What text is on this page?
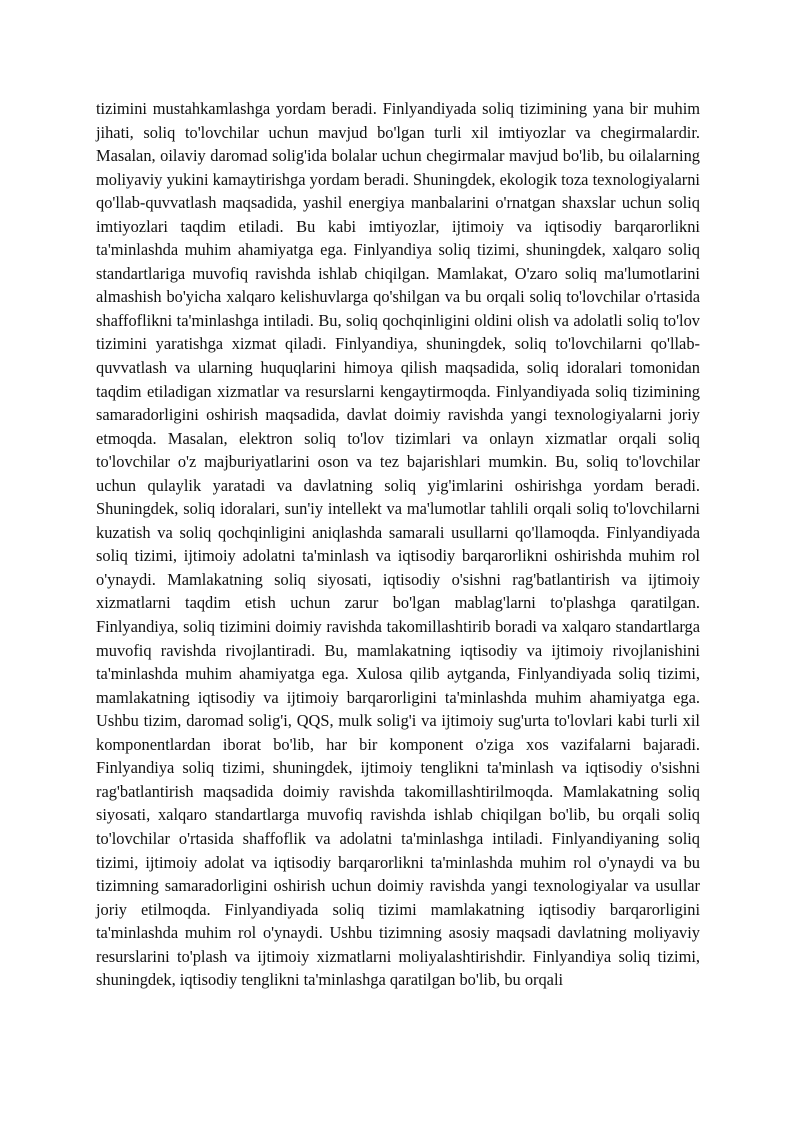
tizimini mustahkamlashga yordam beradi. Finlyandiyada soliq tizimining yana bir muhim jihati, soliq to'lovchilar uchun mavjud bo'lgan turli xil imtiyozlar va chegirmalardir. Masalan, oilaviy daromad solig'ida bolalar uchun chegirmalar mavjud bo'lib, bu oilalarning moliyaviy yukini kamaytirishga yordam beradi. Shuningdek, ekologik toza texnologiyalarni qo'llab-quvvatlash maqsadida, yashil energiya manbalarini o'rnatgan shaxslar uchun soliq imtiyozlari taqdim etiladi. Bu kabi imtiyozlar, ijtimoiy va iqtisodiy barqarorlikni ta'minlashda muhim ahamiyatga ega. Finlyandiya soliq tizimi, shuningdek, xalqaro soliq standartlariga muvofiq ravishda ishlab chiqilgan. Mamlakat, O'zaro soliq ma'lumotlarini almashish bo'yicha xalqaro kelishuvlarga qo'shilgan va bu orqali soliq to'lovchilar o'rtasida shaffoflikni ta'minlashga intiladi. Bu, soliq qochqinligini oldini olish va adolatli soliq to'lov tizimini yaratishga xizmat qiladi. Finlyandiya, shuningdek, soliq to'lovchilarni qo'llab-quvvatlash va ularning huquqlarini himoya qilish maqsadida, soliq idoralari tomonidan taqdim etiladigan xizmatlar va resurslarni kengaytirmoqda. Finlyandiyada soliq tizimining samaradorligini oshirish maqsadida, davlat doimiy ravishda yangi texnologiyalarni joriy etmoqda. Masalan, elektron soliq to'lov tizimlari va onlayn xizmatlar orqali soliq to'lovchilar o'z majburiyatlarini oson va tez bajarishlari mumkin. Bu, soliq to'lovchilar uchun qulaylik yaratadi va davlatning soliq yig'imlarini oshirishga yordam beradi. Shuningdek, soliq idoralari, sun'iy intellekt va ma'lumotlar tahlili orqali soliq to'lovchilarni kuzatish va soliq qochqinligini aniqlashda samarali usullarni qo'llamoqda. Finlyandiyada soliq tizimi, ijtimoiy adolatni ta'minlash va iqtisodiy barqarorlikni oshirishda muhim rol o'ynaydi. Mamlakatning soliq siyosati, iqtisodiy o'sishni rag'batlantirish va ijtimoiy xizmatlarni taqdim etish uchun zarur bo'lgan mablag'larni to'plashga qaratilgan. Finlyandiya, soliq tizimini doimiy ravishda takomillashtirib boradi va xalqaro standartlarga muvofiq ravishda rivojlantiradi. Bu, mamlakatning iqtisodiy va ijtimoiy rivojlanishini ta'minlashda muhim ahamiyatga ega. Xulosa qilib aytganda, Finlyandiyada soliq tizimi, mamlakatning iqtisodiy va ijtimoiy barqarorligini ta'minlashda muhim ahamiyatga ega. Ushbu tizim, daromad solig'i, QQS, mulk solig'i va ijtimoiy sug'urta to'lovlari kabi turli xil komponentlardan iborat bo'lib, har bir komponent o'ziga xos vazifalarni bajaradi. Finlyandiya soliq tizimi, shuningdek, ijtimoiy tenglikni ta'minlash va iqtisodiy o'sishni rag'batlantirish maqsadida doimiy ravishda takomillashtirilmoqda. Mamlakatning soliq siyosati, xalqaro standartlarga muvofiq ravishda ishlab chiqilgan bo'lib, bu orqali soliq to'lovchilar o'rtasida shaffoflik va adolatni ta'minlashga intiladi. Finlyandiyaning soliq tizimi, ijtimoiy adolat va iqtisodiy barqarorlikni ta'minlashda muhim rol o'ynaydi va bu tizimning samaradorligini oshirish uchun doimiy ravishda yangi texnologiyalar va usullar joriy etilmoqda. Finlyandiyada soliq tizimi mamlakatning iqtisodiy barqarorligini ta'minlashda muhim rol o'ynaydi. Ushbu tizimning asosiy maqsadi davlatning moliyaviy resurslarini to'plash va ijtimoiy xizmatlarni moliyalashtirishdir. Finlyandiya soliq tizimi, shuningdek, iqtisodiy tenglikni ta'minlashga qaratilgan bo'lib, bu orqali
